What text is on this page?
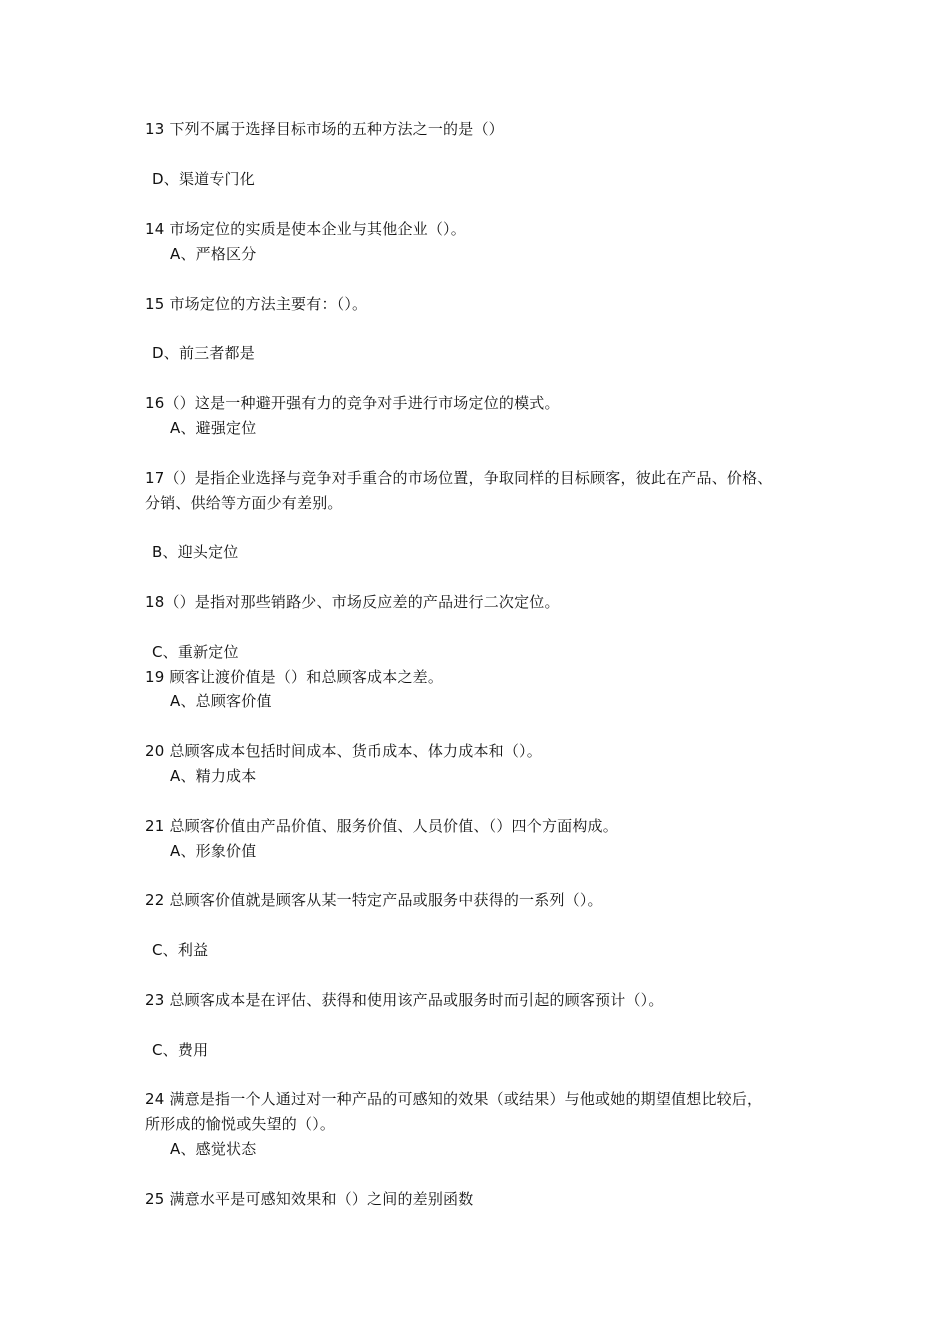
13 下列不属于选择目标市场的五种方法之一的是（）
D、渠道专门化
14 市场定位的实质是使本企业与其他企业（）。
A、严格区分
15 市场定位的方法主要有：（）。
D、前三者都是
16（）这是一种避开强有力的竞争对手进行市场定位的模式。
A、避强定位
17（）是指企业选择与竞争对手重合的市场位置，争取同样的目标顾客，彼此在产品、价格、
分销、供给等方面少有差别。
B、迎头定位
18（）是指对那些销路少、市场反应差的产品进行二次定位。
C、重新定位
19 顾客让渡价值是（）和总顾客成本之差。
A、总顾客价值
20 总顾客成本包括时间成本、货币成本、体力成本和（）。
A、精力成本
21 总顾客价值由产品价值、服务价值、人员价值、（）四个方面构成。
A、形象价值
22 总顾客价值就是顾客从某一特定产品或服务中获得的一系列（）。
C、利益
23 总顾客成本是在评估、获得和使用该产品或服务时而引起的顾客预计（）。
C、费用
24 满意是指一个人通过对一种产品的可感知的效果（或结果）与他或她的期望值想比较后，
所形成的愉悦或失望的（）。
A、感觉状态
25 满意水平是可感知效果和（）之间的差别函数
